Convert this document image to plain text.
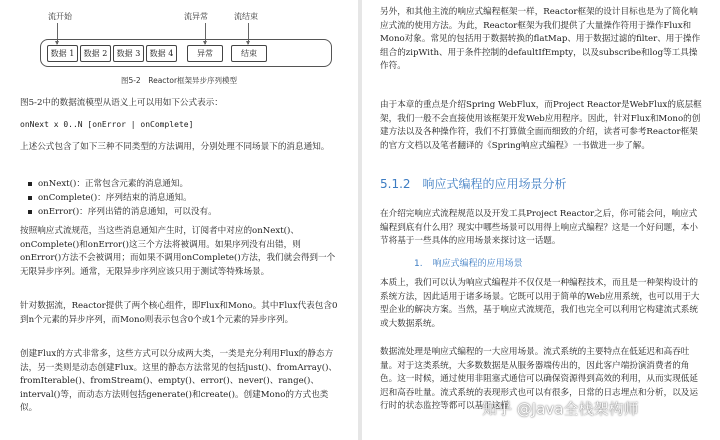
流开始	流异常	流结束
数据 1	数据 2	数据 3	数据 4	异常	结束
图5-2　Reactor框架异步序列模型

图5-2中的数据流模型从语义上可以用如下公式表示：

onNext x 0..N [onError | onComplete]

上述公式包含了如下三种不同类型的方法调用，分别处理不同场景下的消息通知。

onNext()：正常包含元素的消息通知。
onComplete()：序列结束的消息通知。
onError()：序列出错的消息通知，可以没有。

按照响应式流规范，当这些消息通知产生时，订阅者中对应的onNext()、onComplete()和onError()这三个方法将被调用。如果序列没有出错，则onError()方法不会被调用；而如果不调用onComplete()方法，我们就会得到一个无限异步序列。通常，无限异步序列应该只用于测试等特殊场景。

针对数据流，Reactor提供了两个核心组件，即Flux和Mono。其中Flux代表包含0到n个元素的异步序列，而Mono则表示包含0个或1个元素的异步序列。

创建Flux的方式非常多，这些方式可以分成两大类，一类是充分利用Flux的静态方法，另一类则是动态创建Flux。这里的静态方法常见的包括just()、fromArray()、fromIterable()、fromStream()、empty()、error()、never()、range()、interval()等，而动态方法则包括generate()和create()。创建Mono的方式也类似。

另外，和其他主流的响应式编程框架一样，Reactor框架的设计目标也是为了简化响应式流的使用方法。为此，Reactor框架为我们提供了大量操作符用于操作Flux和Mono对象。常见的包括用于数据转换的flatMap、用于数据过滤的filter、用于操作组合的zipWith、用于条件控制的defaultIfEmpty，以及subscribe和log等工具操作符。

由于本章的重点是介绍Spring WebFlux，而Project Reactor是WebFlux的底层框架，我们一般不会直接使用该框架开发Web应用程序。因此，针对Flux和Mono的创建方法以及各种操作符，我们不打算做全面而细致的介绍，读者可参考Reactor框架的官方文档以及笔者翻译的《Spring响应式编程》一书做进一步了解。

5.1.2　响应式编程的应用场景分析

在介绍完响应式流程规范以及开发工具Project Reactor之后，你可能会问，响应式编程到底有什么用？现实中哪些场景可以用得上响应式编程？这是一个好问题，本小节将基于一些具体的应用场景来探讨这一话题。

1. 响应式编程的应用场景

本质上，我们可以认为响应式编程并不仅仅是一种编程技术，而且是一种架构设计的系统方法，因此适用于诸多场景。它既可以用于简单的Web应用系统，也可以用于大型企业的解决方案。当然，基于响应式流规范，我们也完全可以利用它构建流式系统或大数据系统。

数据流处理是响应式编程的一大应用场景。流式系统的主要特点在低延迟和高吞吐量。对于这类系统，大多数数据是从服务器端传出的，因此客户端扮演消费者的角色。这一时候，通过使用非阻塞式通信可以确保资源得到高效的利用，从而实现低延迟和高吞吐量。流式系统的表现形式也可以有很多，日常的日志埋点和分析，以及运行时的状态监控等都可以基于这样

知乎 @Java全栈架构师
